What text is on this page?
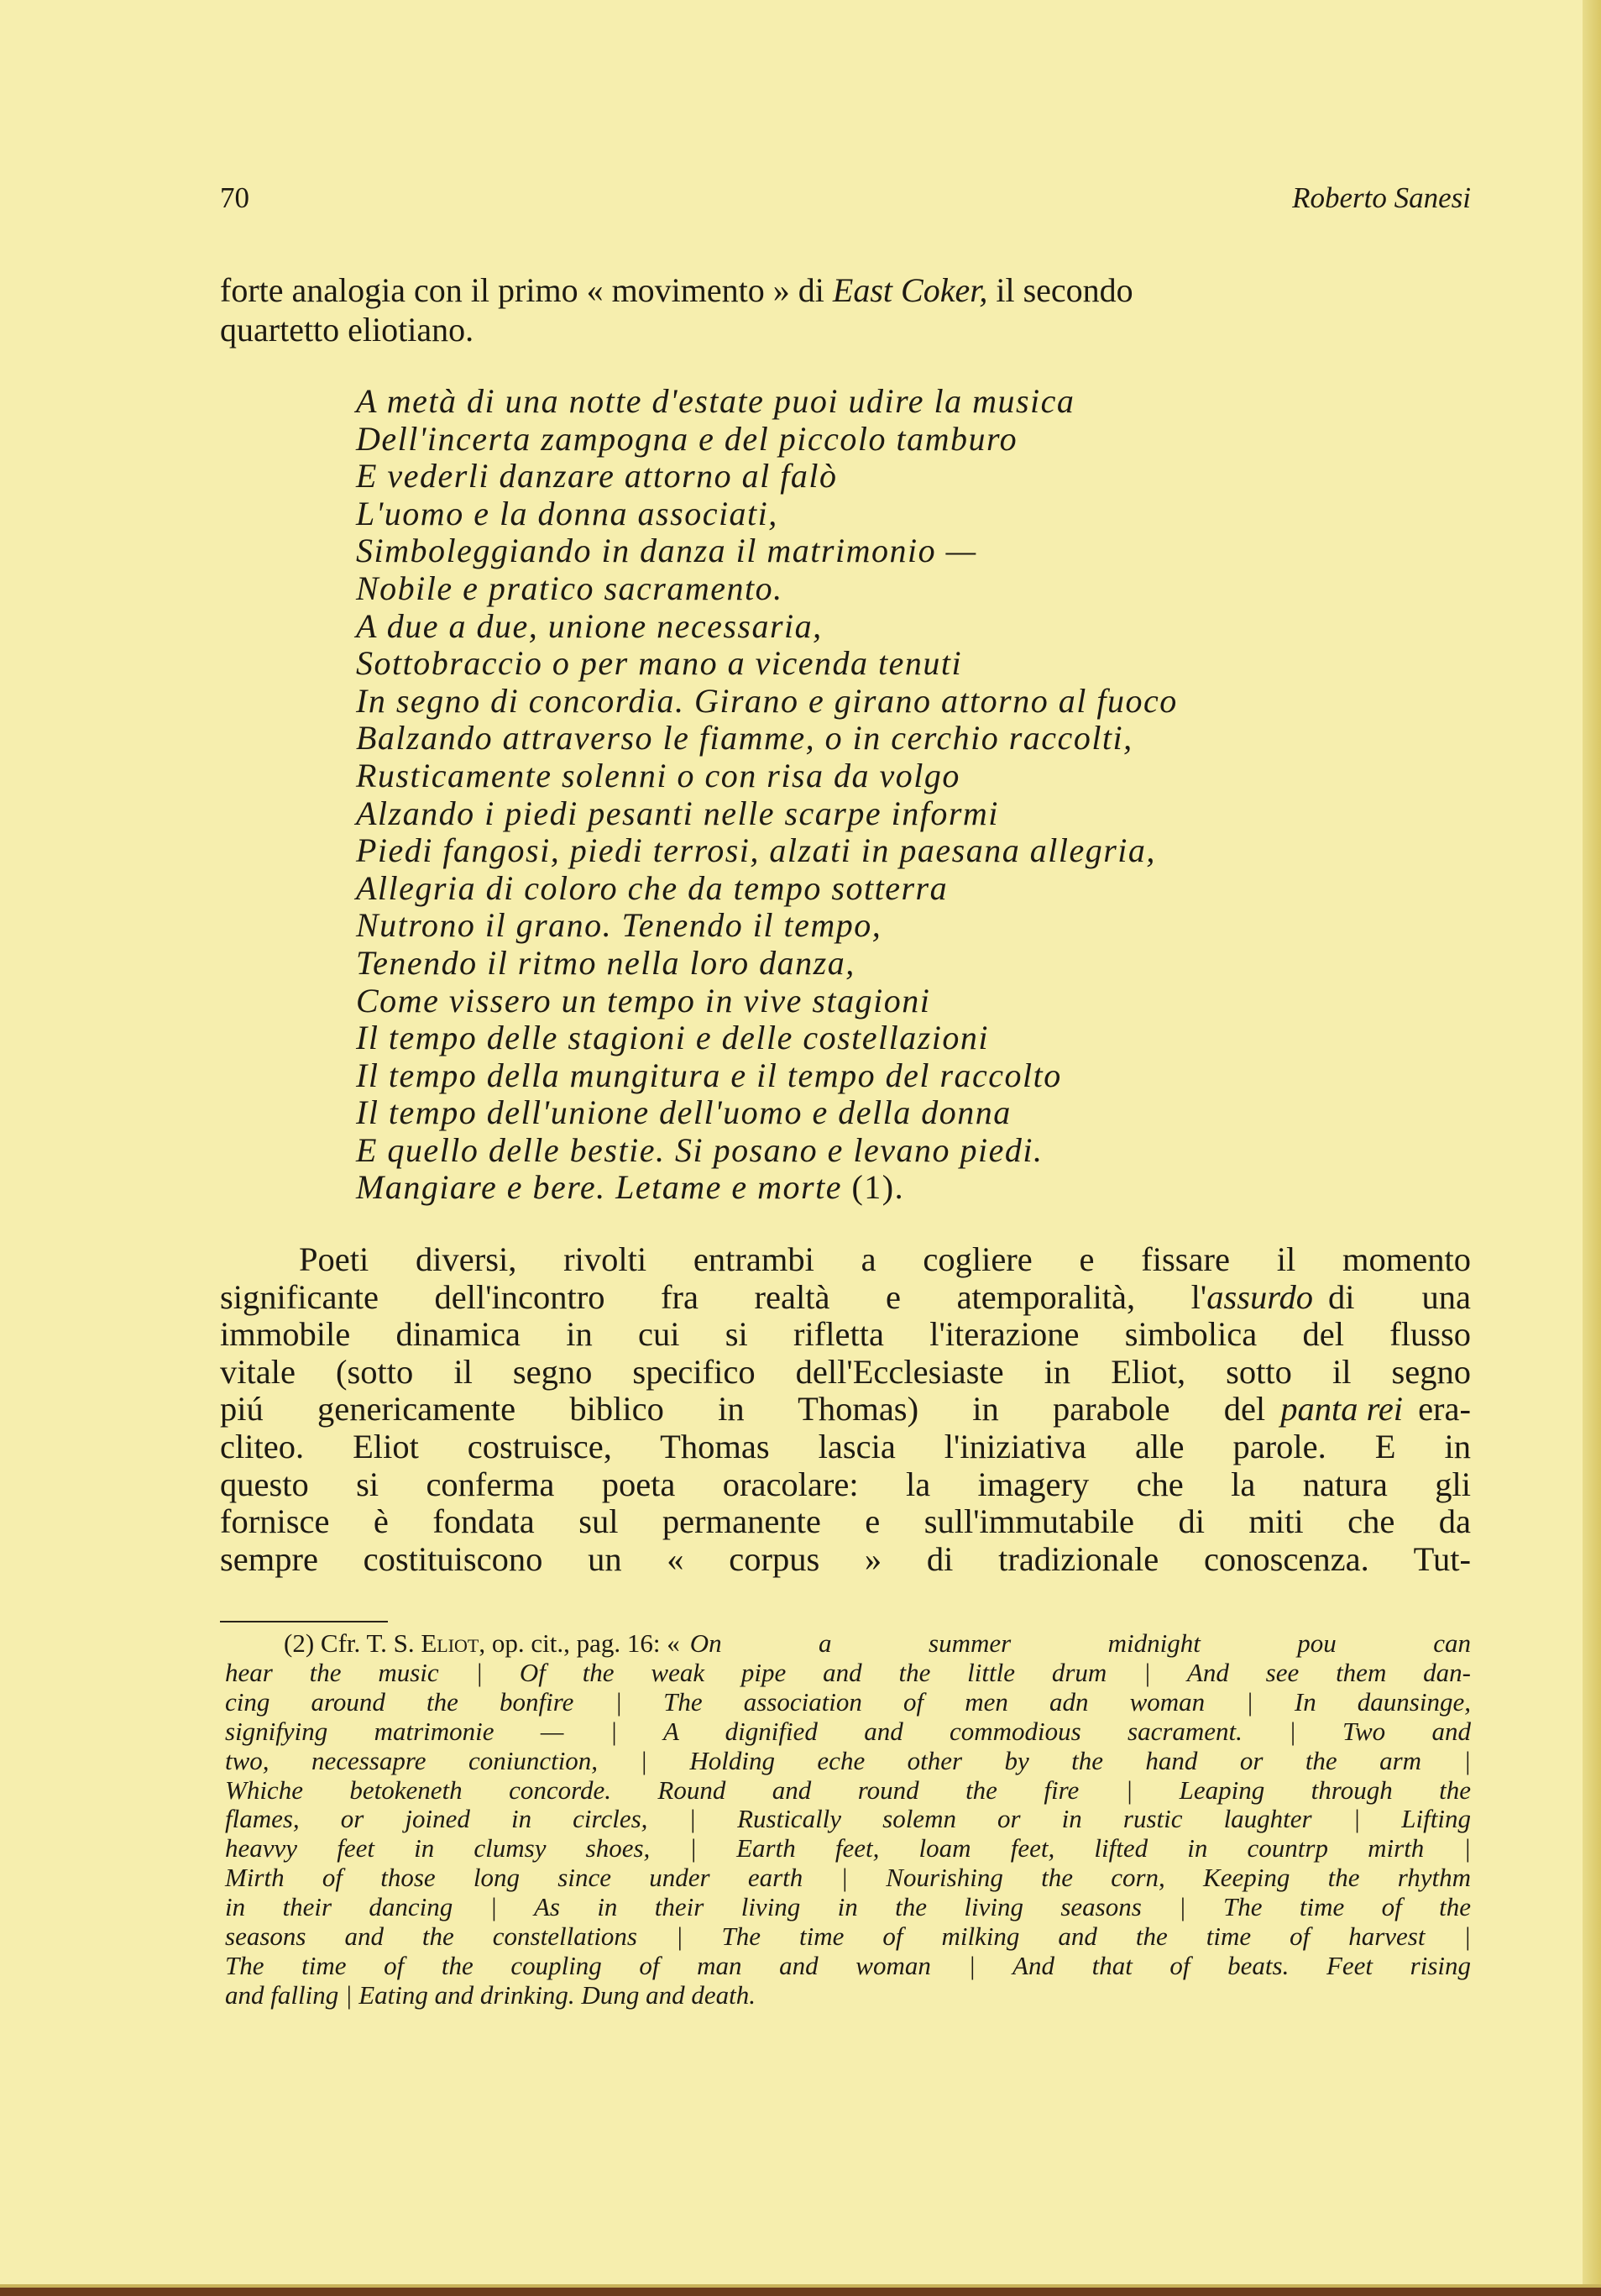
70	Roberto Sanesi
forte analogia con il primo « movimento » di East Coker, il secondo
quartetto eliotiano.
A metà di una notte d'estate puoi udire la musica
Dell'incerta zampogna e del piccolo tamburo
E vederli danzare attorno al falò
L'uomo e la donna associati,
Simboleggiando in danza il matrimonio —
Nobile e pratico sacramento.
A due a due, unione necessaria,
Sottobraccio o per mano a vicenda tenuti
In segno di concordia. Girano e girano attorno al fuoco
Balzando attraverso le fiamme, o in cerchio raccolti,
Rusticamente solenni o con risa da volgo
Alzando i piedi pesanti nelle scarpe informi
Piedi fangosi, piedi terrosi, alzati in paesana allegria,
Allegria di coloro che da tempo sotterra
Nutrono il grano. Tenendo il tempo,
Tenendo il ritmo nella loro danza,
Come vissero un tempo in vive stagioni
Il tempo delle stagioni e delle costellazioni
Il tempo della mungitura e il tempo del raccolto
Il tempo dell'unione dell'uomo e della donna
E quello delle bestie. Si posano e levano piedi.
Mangiare e bere. Letame e morte (1).
Poeti diversi, rivolti entrambi a cogliere e fissare il momento
significante dell'incontro fra realtà e atemporalità, l' assurdo di una
immobile dinamica in cui si rifletta l'iterazione simbolica del flusso
vitale (sotto il segno specifico dell'Ecclesiaste in Eliot, sotto il segno
piú genericamente biblico in Thomas) in parabole del panta rei era-
cliteo. Eliot costruisce, Thomas lascia l'iniziativa alle parole. E in
questo si conferma poeta oracolare: la imagery che la natura gli
fornisce è fondata sul permanente e sull'immutabile di miti che da
sempre costituiscono un « corpus » di tradizionale conoscenza. Tut-
(2) Cfr. T. S. Eliot, op. cit., pag. 16: « On a summer midnight pou can
hear the music | Of the weak pipe and the little drum | And see them dan-
cing around the bonfire | The association of men adn woman | In daunsinge,
signifying matrimonie — | A dignified and commodious sacrament. | Two and
two, necessapre coniunction, | Holding eche other by the hand or the arm |
Whiche betokeneth concorde. Round and round the fire | Leaping through the
flames, or joined in circles, | Rustically solemn or in rustic laughter | Lifting
heavvy feet in clumsy shoes, | Earth feet, loam feet, lifted in countrp mirth |
Mirth of those long since under earth | Nourishing the corn, Keeping the rhythm
in their dancing | As in their living in the living seasons | The time of the
seasons and the constellations | The time of milking and the time of harvest |
The time of the coupling of man and woman | And that of beats. Feet rising
and falling | Eating and drinking. Dung and death.
